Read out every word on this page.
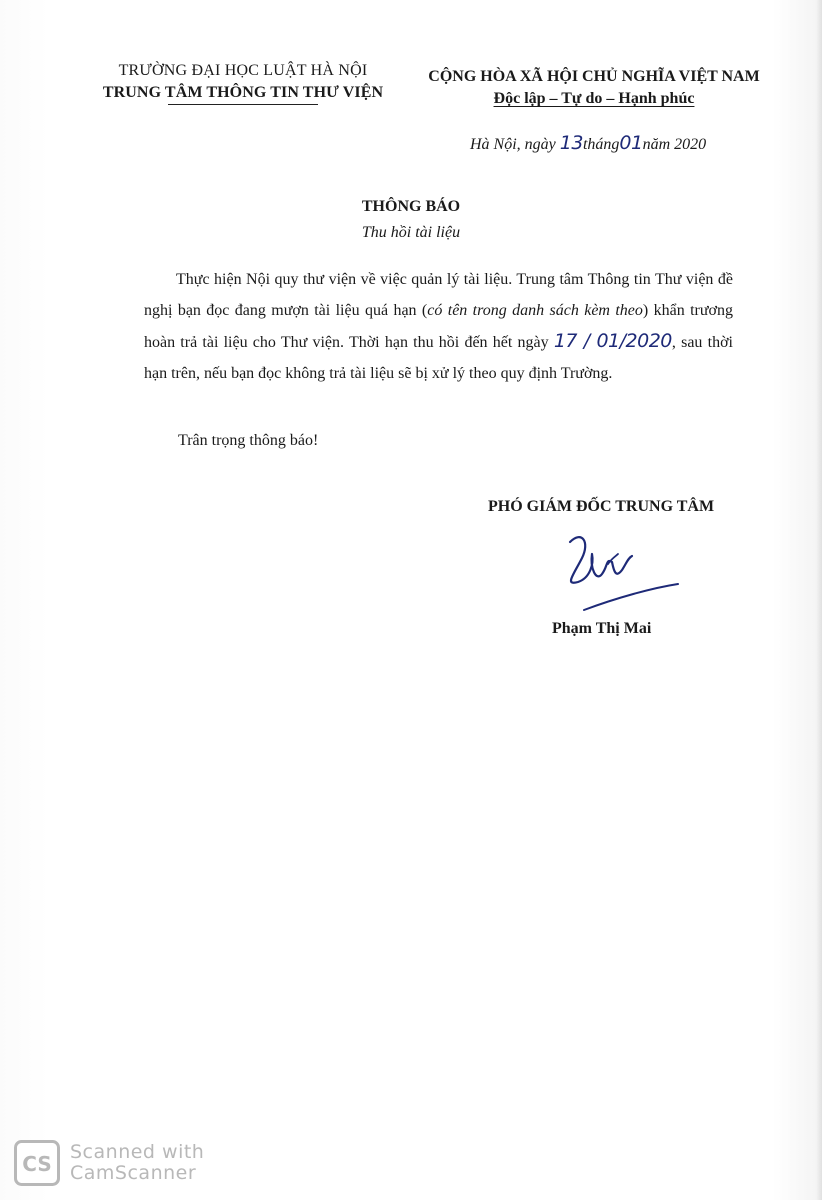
TRƯỜNG ĐẠI HỌC LUẬT HÀ NỘI
TRUNG TÂM THÔNG TIN THƯ VIỆN
CỘNG HÒA XÃ HỘI CHỦ NGHĨA VIỆT NAM
Độc lập – Tự do – Hạnh phúc
Hà Nội, ngày 13tháng01năm 2020
THÔNG BÁO
Thu hồi tài liệu

Thực hiện Nội quy thư viện về việc quản lý tài liệu. Trung tâm Thông tin Thư viện đề nghị bạn đọc đang mượn tài liệu quá hạn (có tên trong danh sách kèm theo) khẩn trương hoàn trả tài liệu cho Thư viện. Thời hạn thu hồi đến hết ngày 17 / 01/2020, sau thời hạn trên, nếu bạn đọc không trả tài liệu sẽ bị xử lý theo quy định Trường.

Trân trọng thông báo!
PHÓ GIÁM ĐỐC TRUNG TÂM
Phạm Thị Mai
CS Scanned with
CamScanner
